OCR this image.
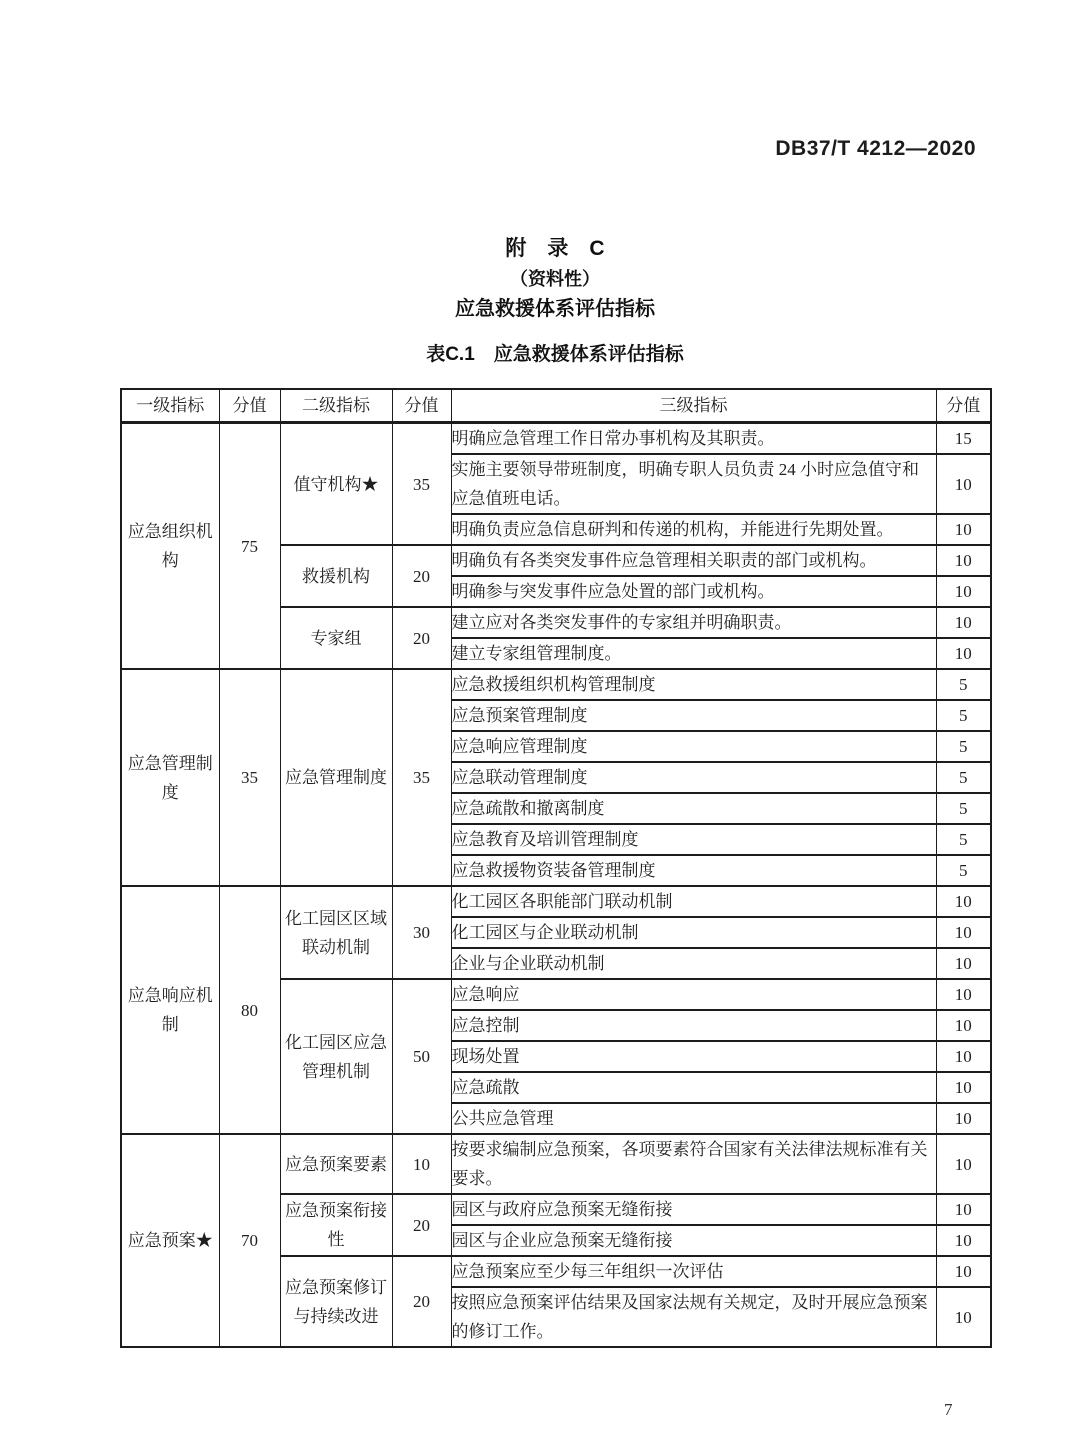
DB37/T 4212—2020
附　录　C
（资料性）
应急救援体系评估指标
表C.1　应急救援体系评估指标
一级指标	分值	二级指标	分值	三级指标	分值
应急组织机构	75	值守机构★	35	明确应急管理工作日常办事机构及其职责。	15
				实施主要领导带班制度，明确专职人员负责 24 小时应急值守和应急值班电话。	10
				明确负责应急信息研判和传递的机构，并能进行先期处置。	10
		救援机构	20	明确负有各类突发事件应急管理相关职责的部门或机构。	10
				明确参与突发事件应急处置的部门或机构。	10
		专家组	20	建立应对各类突发事件的专家组并明确职责。	10
				建立专家组管理制度。	10
应急管理制度	35	应急管理制度	35	应急救援组织机构管理制度	5
				应急预案管理制度	5
				应急响应管理制度	5
				应急联动管理制度	5
				应急疏散和撤离制度	5
				应急教育及培训管理制度	5
				应急救援物资装备管理制度	5
应急响应机制	80	化工园区区域联动机制	30	化工园区各职能部门联动机制	10
				化工园区与企业联动机制	10
				企业与企业联动机制	10
		化工园区应急管理机制	50	应急响应	10
				应急控制	10
				现场处置	10
				应急疏散	10
				公共应急管理	10
应急预案★	70	应急预案要素	10	按要求编制应急预案，各项要素符合国家有关法律法规标准有关要求。	10
		应急预案衔接性	20	园区与政府应急预案无缝衔接	10
				园区与企业应急预案无缝衔接	10
		应急预案修订与持续改进	20	应急预案应至少每三年组织一次评估	10
				按照应急预案评估结果及国家法规有关规定，及时开展应急预案的修订工作。	10
7
